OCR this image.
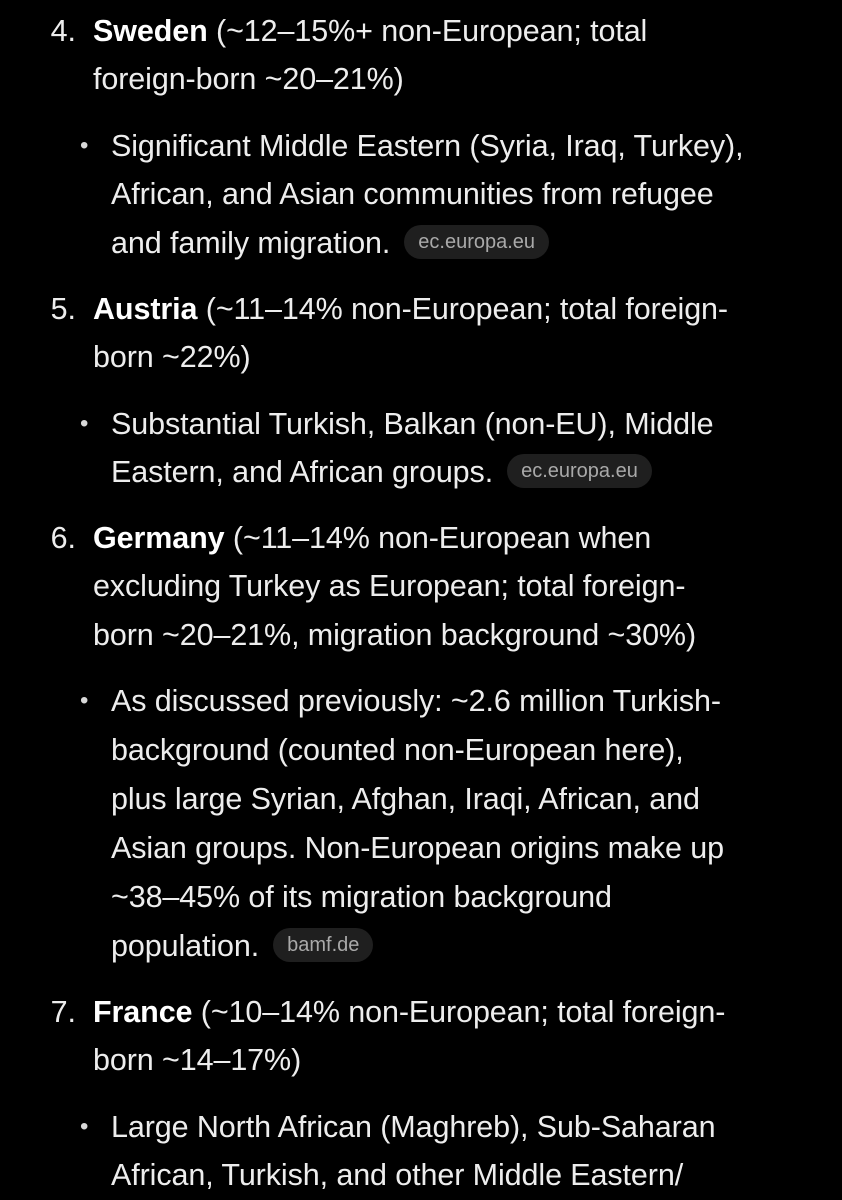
4. Sweden (~12–15%+ non-European; total
foreign-born ~20–21%)
• Significant Middle Eastern (Syria, Iraq, Turkey),
African, and Asian communities from refugee
and family migration. ec.europa.eu
5. Austria (~11–14% non-European; total foreign-
born ~22%)
• Substantial Turkish, Balkan (non-EU), Middle
Eastern, and African groups. ec.europa.eu
6. Germany (~11–14% non-European when
excluding Turkey as European; total foreign-
born ~20–21%, migration background ~30%)
• As discussed previously: ~2.6 million Turkish-
background (counted non-European here),
plus large Syrian, Afghan, Iraqi, African, and
Asian groups. Non-European origins make up
~38–45% of its migration background
population. bamf.de
7. France (~10–14% non-European; total foreign-
born ~14–17%)
• Large North African (Maghreb), Sub-Saharan
African, Turkish, and other Middle Eastern/
